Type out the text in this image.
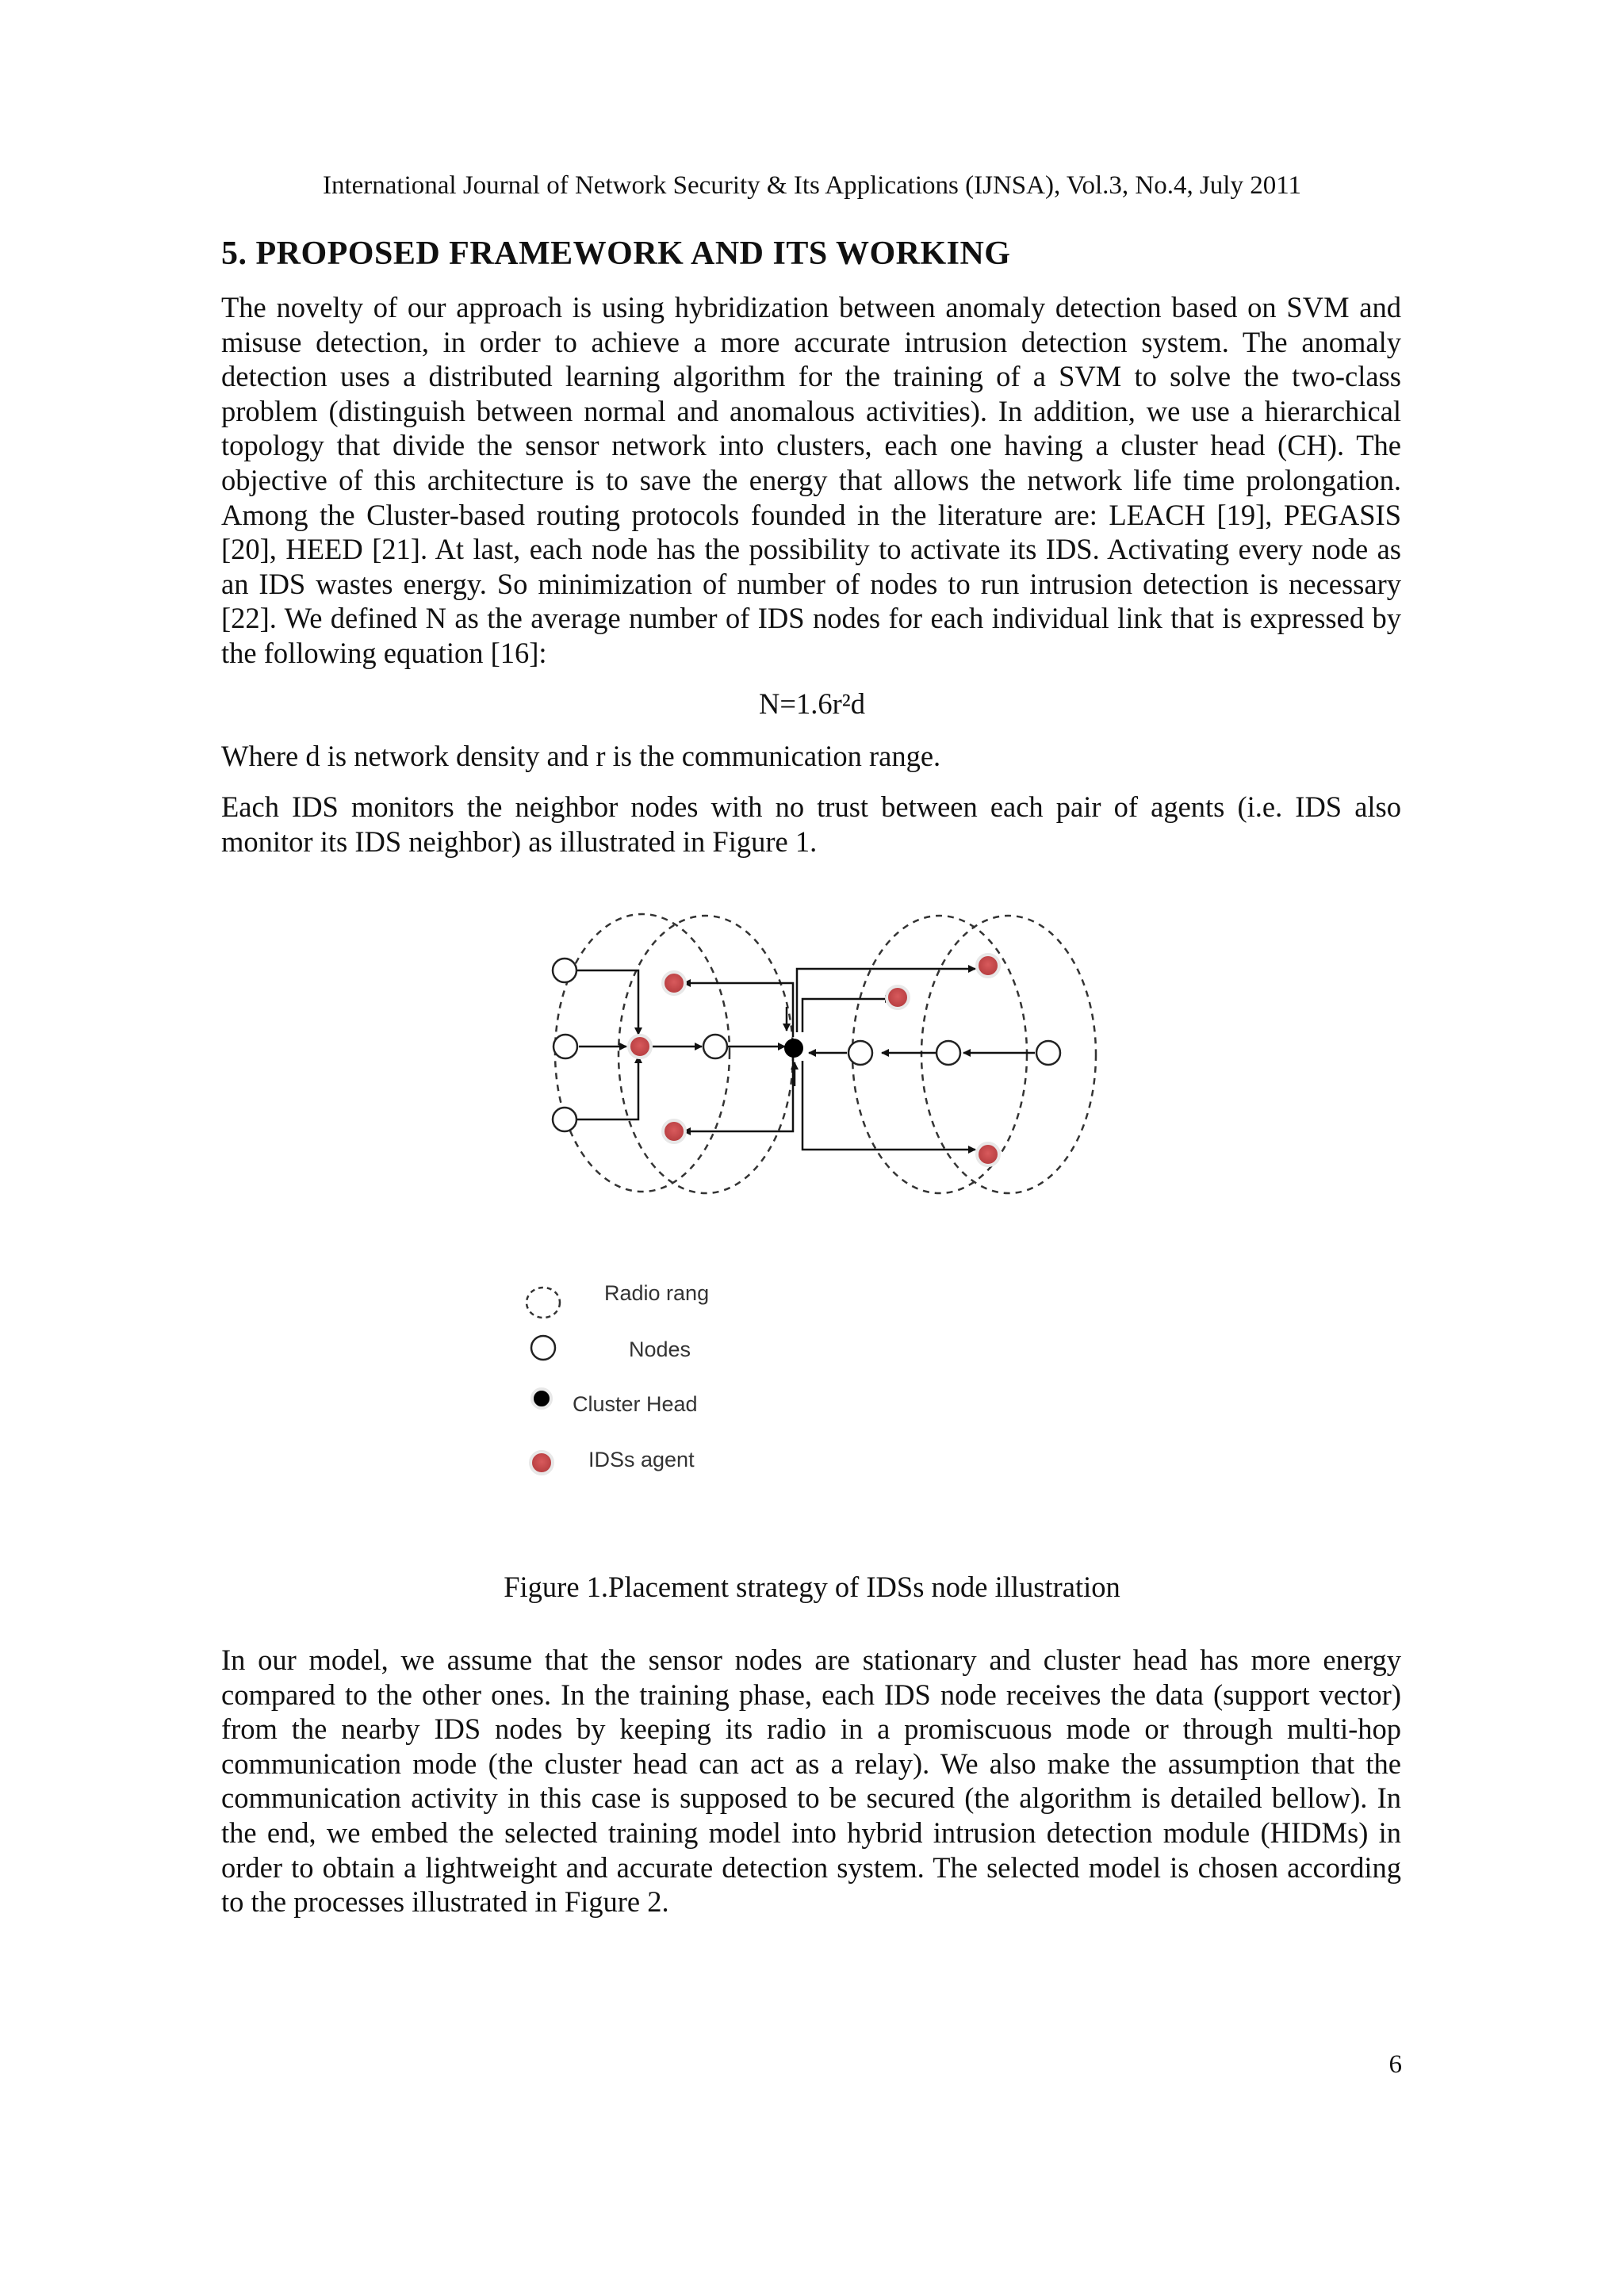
International Journal of Network Security & Its Applications (IJNSA), Vol.3, No.4, July 2011
5. PROPOSED FRAMEWORK AND ITS WORKING

The novelty of our approach is using hybridization between anomaly detection based on SVM and misuse detection, in order to achieve a more accurate intrusion detection system. The anomaly detection uses a distributed learning algorithm for the training of a SVM to solve the two-class problem (distinguish between normal and anomalous activities). In addition, we use a hierarchical topology that divide the sensor network into clusters, each one having a cluster head (CH). The objective of this architecture is to save the energy that allows the network life time prolongation. Among the Cluster-based routing protocols founded in the literature are: LEACH [19], PEGASIS [20], HEED [21]. At last, each node has the possibility to activate its IDS. Activating every node as an IDS wastes energy. So minimization of number of nodes to run intrusion detection is necessary [22]. We defined N as the average number of IDS nodes for each individual link that is expressed by the following equation [16]:

N=1.6r²d

Where d is network density and r is the communication range.

Each IDS monitors the neighbor nodes with no trust between each pair of agents (i.e. IDS also monitor its IDS neighbor) as illustrated in Figure 1.

Radio rang
Nodes
Cluster Head
IDSs agent
Figure 1.Placement strategy of IDSs node illustration

In our model, we assume that the sensor nodes are stationary and cluster head has more energy compared to the other ones. In the training phase, each IDS node receives the data (support vector) from the nearby IDS nodes by keeping its radio in a promiscuous mode or through multi-hop communication mode (the cluster head can act as a relay). We also make the assumption that the communication activity in this case is supposed to be secured (the algorithm is detailed bellow). In the end, we embed the selected training model into hybrid intrusion detection module (HIDMs) in order to obtain a lightweight and accurate detection system. The selected model is chosen according to the processes illustrated in Figure 2.

6
